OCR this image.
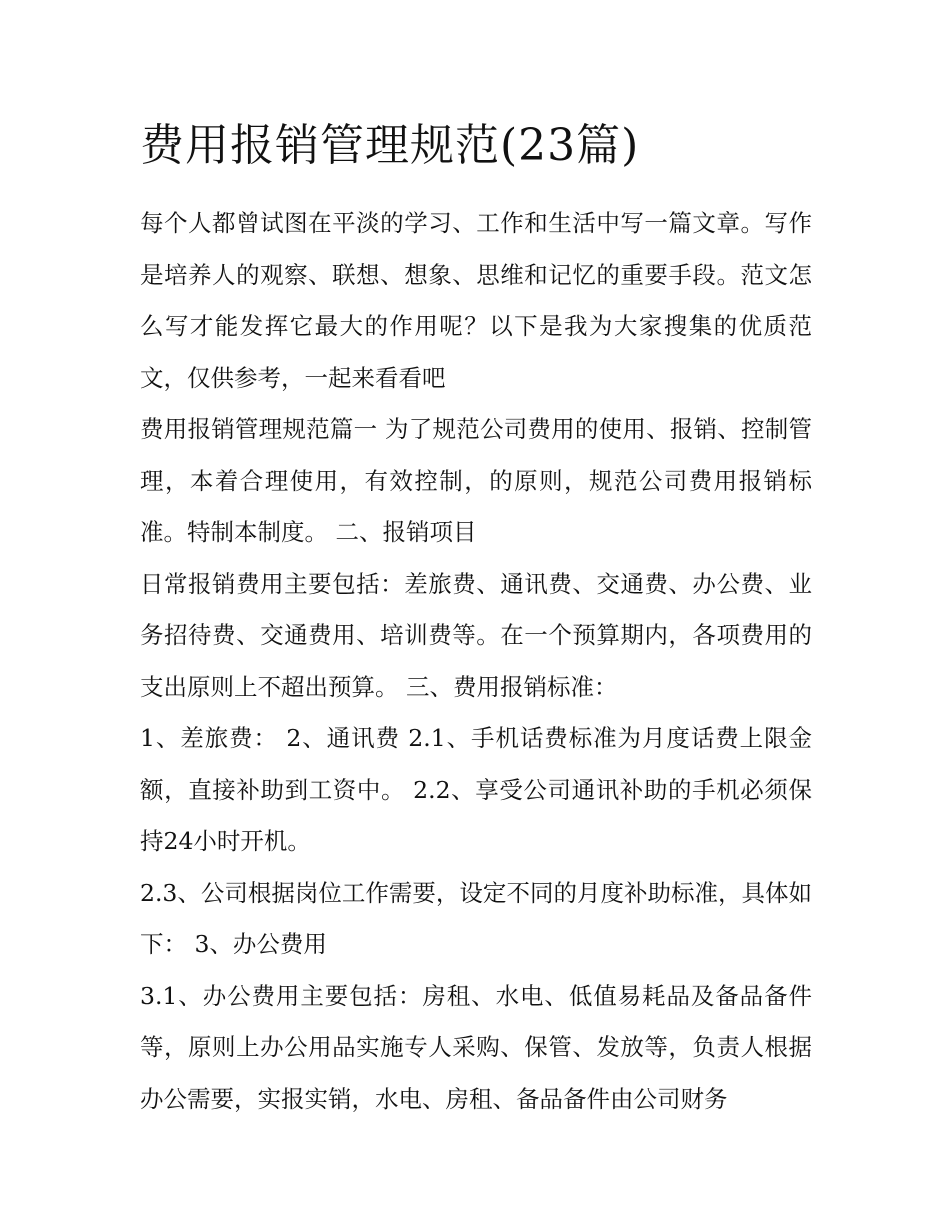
费用报销管理规范(23篇)

每个人都曾试图在平淡的学习、工作和生活中写一篇文章。写作是培养人的观察、联想、想象、思维和记忆的重要手段。范文怎么写才能发挥它最大的作用呢？以下是我为大家搜集的优质范文，仅供参考，一起来看看吧

费用报销管理规范篇一 为了规范公司费用的使用、报销、控制管理，本着合理使用，有效控制，的原则，规范公司费用报销标准。特制本制度。 二、报销项目

日常报销费用主要包括：差旅费、通讯费、交通费、办公费、业务招待费、交通费用、培训费等。在一个预算期内，各项费用的支出原则上不超出预算。 三、费用报销标准：

1、差旅费： 2、通讯费 2.1、手机话费标准为月度话费上限金额，直接补助到工资中。 2.2、享受公司通讯补助的手机必须保持24小时开机。

2.3、公司根据岗位工作需要，设定不同的月度补助标准，具体如下： 3、办公费用

3.1、办公费用主要包括：房租、水电、低值易耗品及备品备件等，原则上办公用品实施专人采购、保管、发放等，负责人根据办公需要，实报实销，水电、房租、备品备件由公司财务
